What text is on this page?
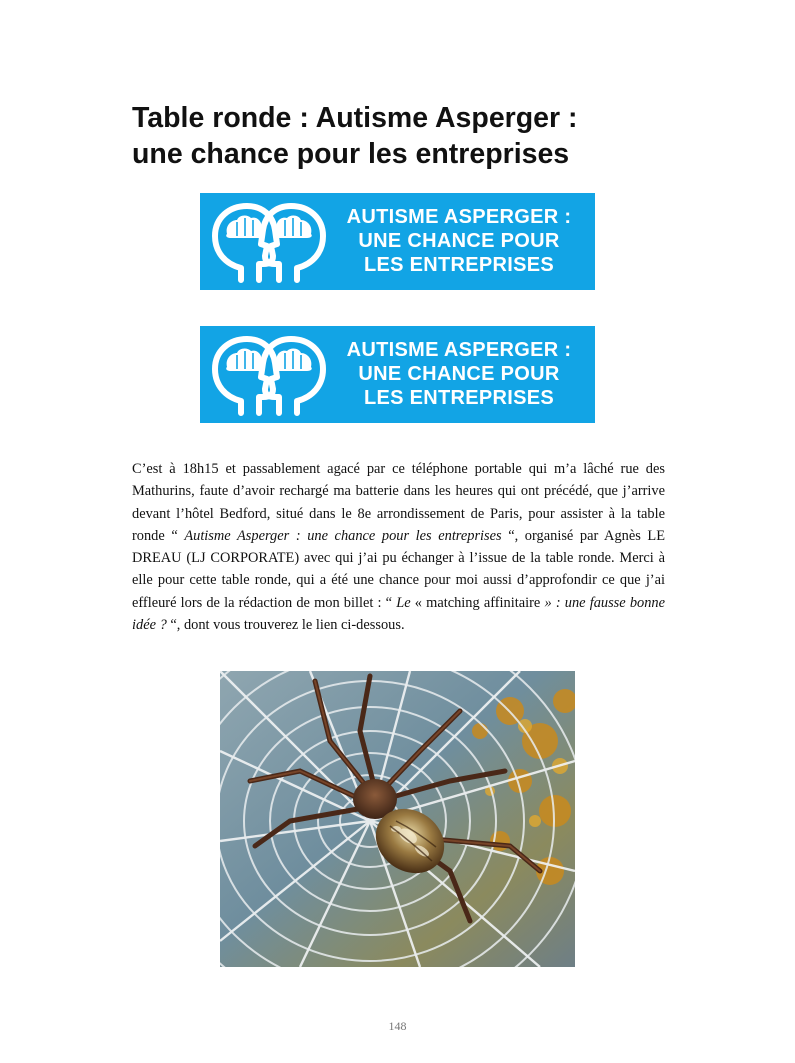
Table ronde : Autisme Asperger :
une chance pour les entreprises
AUTISME ASPERGER :
UNE CHANCE POUR
LES ENTREPRISES
AUTISME ASPERGER :
UNE CHANCE POUR
LES ENTREPRISES

C’est à 18h15 et passablement agacé par ce téléphone portable qui m’a lâché rue des Mathurins, faute d’avoir rechargé ma batterie dans les heures qui ont précédé, que j’arrive devant l’hôtel Bedford, situé dans le 8e arrondissement de Paris, pour assister à la table ronde “ Autisme Asperger : une chance pour les entreprises “, organisé par Agnès LE DREAU (LJ CORPORATE) avec qui j’ai pu échanger à l’issue de la table ronde. Merci à elle pour cette table ronde, qui a été une chance pour moi aussi d’approfondir ce que j’ai effleuré lors de la rédaction de mon billet : “ Le « matching affinitaire » : une fausse bonne idée ? “, dont vous trouverez le lien ci-dessous.

148
